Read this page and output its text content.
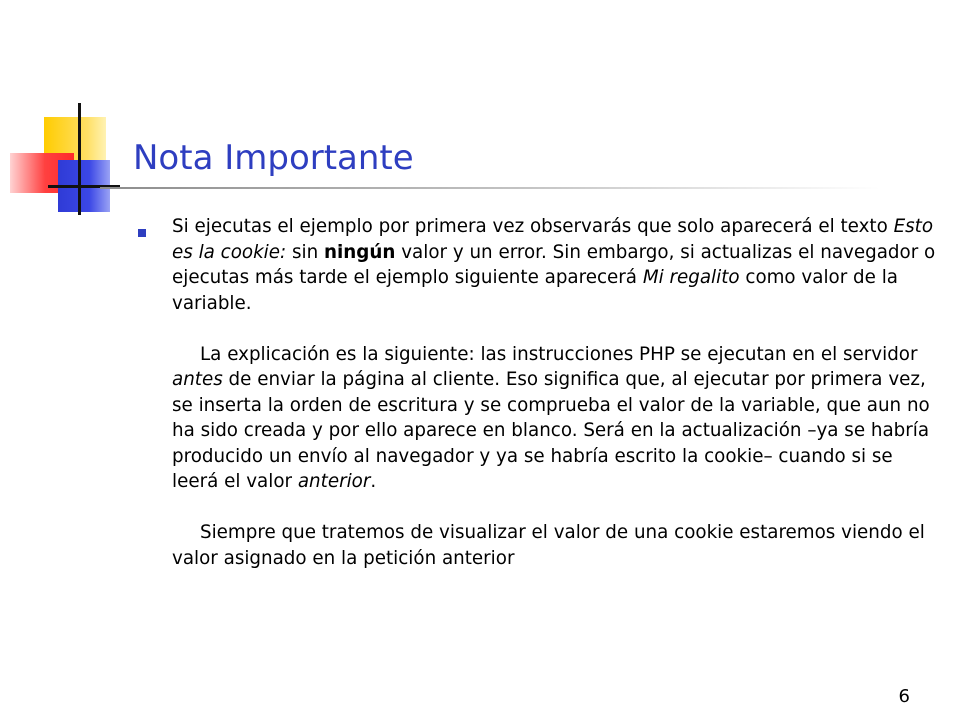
Nota Importante

Si ejecutas el ejemplo por primera vez observarás que solo aparecerá el texto Esto es la cookie: sin ningún valor y un error. Sin embargo, si actualizas el navegador o ejecutas más tarde el ejemplo siguiente aparecerá Mi regalito como valor de la variable.

La explicación es la siguiente: las instrucciones PHP se ejecutan en el servidor antes de enviar la página al cliente. Eso significa que, al ejecutar por primera vez, se inserta la orden de escritura y se comprueba el valor de la variable, que aun no ha sido creada y por ello aparece en blanco. Será en la actualización –ya se habría producido un envío al navegador y ya se habría escrito la cookie– cuando si se leerá el valor anterior.

Siempre que tratemos de visualizar el valor de una cookie estaremos viendo el valor asignado en la petición anterior

6
